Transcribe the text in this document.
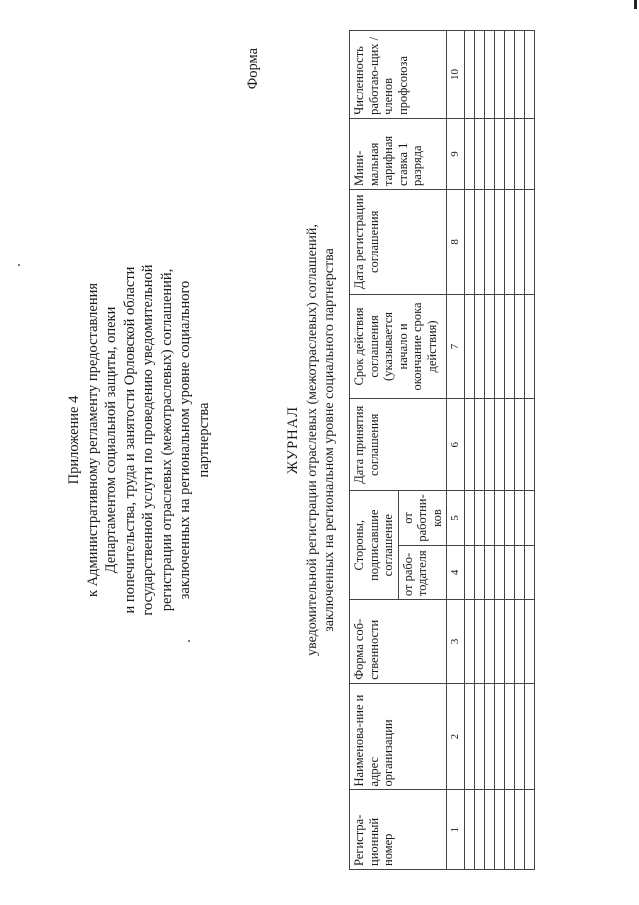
Приложение 4 к Административному регламенту предоставления Департаментом социальной защиты, опеки и попечительства, труда и занятости Орловской области государственной услуги по проведению уведомительной регистрации отраслевых (межотраслевых) соглашений, заключенных на региональном уровне социального партнерства
Форма
ЖУРНАЛ уведомительной регистрации отраслевых (межотраслевых) соглашений, заключенных на региональном уровне социального партнерства
Регистра-ционный номер	Наименова-ние и адрес организации	Форма соб-ственности	Стороны, подписавшие соглашение		Дата принятия соглашения	Срок действия соглашения (указывается начало и окончание срока действия)	Дата регистрации соглашения	Мини-мальная тарифная ставка 1 разряда	Численность работаю-щих / членов профсоюза
			от рабо-тодателя	от работни-ков					
1	2	3	4	5	6	7	8	9	10
